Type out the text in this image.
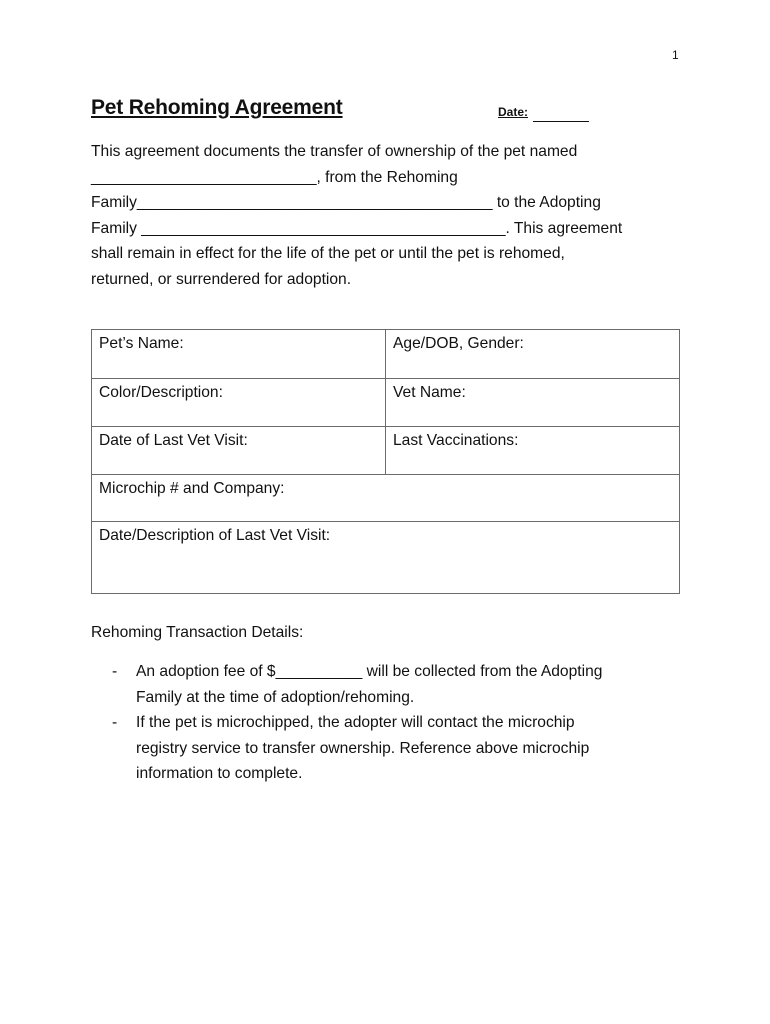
1
Pet Rehoming Agreement	Date:

This agreement documents the transfer of ownership of the pet named
__________________________, from the Rehoming
Family_________________________________________ to the Adopting
Family __________________________________________. This agreement
shall remain in effect for the life of the pet or until the pet is rehomed,
returned, or surrendered for adoption.

Pet’s Name:	Age/DOB, Gender:
Color/Description:	Vet Name:
Date of Last Vet Visit:	Last Vaccinations:
Microchip # and Company:	
Date/Description of Last Vet Visit:	

Rehoming Transaction Details:

- An adoption fee of $__________ will be collected from the Adopting
Family at the time of adoption/rehoming.
- If the pet is microchipped, the adopter will contact the microchip
registry service to transfer ownership. Reference above microchip
information to complete.
